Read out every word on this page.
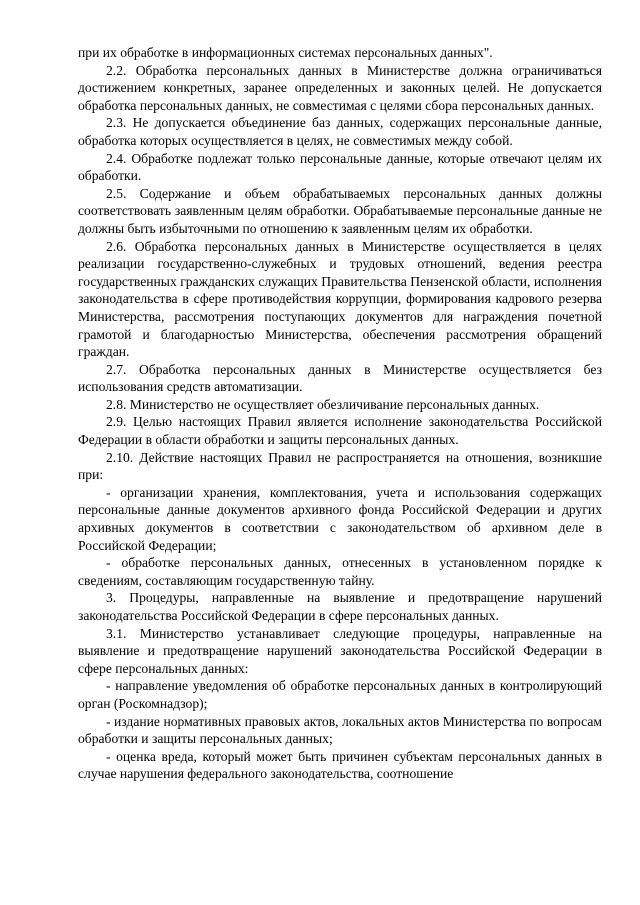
при их обработке в информационных системах персональных данных".

2.2. Обработка персональных данных в Министерстве должна ограничиваться достижением конкретных, заранее определенных и законных целей. Не допускается обработка персональных данных, не совместимая с целями сбора персональных данных.

2.3. Не допускается объединение баз данных, содержащих персональные данные, обработка которых осуществляется в целях, не совместимых между собой.

2.4. Обработке подлежат только персональные данные, которые отвечают целям их обработки.

2.5. Содержание и объем обрабатываемых персональных данных должны соответствовать заявленным целям обработки. Обрабатываемые персональные данные не должны быть избыточными по отношению к заявленным целям их обработки.

2.6. Обработка персональных данных в Министерстве осуществляется в целях реализации государственно-служебных и трудовых отношений, ведения реестра государственных гражданских служащих Правительства Пензенской области, исполнения законодательства в сфере противодействия коррупции, формирования кадрового резерва Министерства, рассмотрения поступающих документов для награждения почетной грамотой и благодарностью Министерства, обеспечения рассмотрения обращений граждан.

2.7. Обработка персональных данных в Министерстве осуществляется без использования средств автоматизации.

2.8. Министерство не осуществляет обезличивание персональных данных.

2.9. Целью настоящих Правил является исполнение законодательства Российской Федерации в области обработки и защиты персональных данных.

2.10. Действие настоящих Правил не распространяется на отношения, возникшие при:

- организации хранения, комплектования, учета и использования содержащих персональные данные документов архивного фонда Российской Федерации и других архивных документов в соответствии с законодательством об архивном деле в Российской Федерации;

- обработке персональных данных, отнесенных в установленном порядке к сведениям, составляющим государственную тайну.

3. Процедуры, направленные на выявление и предотвращение нарушений законодательства Российской Федерации в сфере персональных данных.

3.1. Министерство устанавливает следующие процедуры, направленные на выявление и предотвращение нарушений законодательства Российской Федерации в сфере персональных данных:

- направление уведомления об обработке персональных данных в контролирующий орган (Роскомнадзор);

- издание нормативных правовых актов, локальных актов Министерства по вопросам обработки и защиты персональных данных;

- оценка вреда, который может быть причинен субъектам персональных данных в случае нарушения федерального законодательства, соотношение
